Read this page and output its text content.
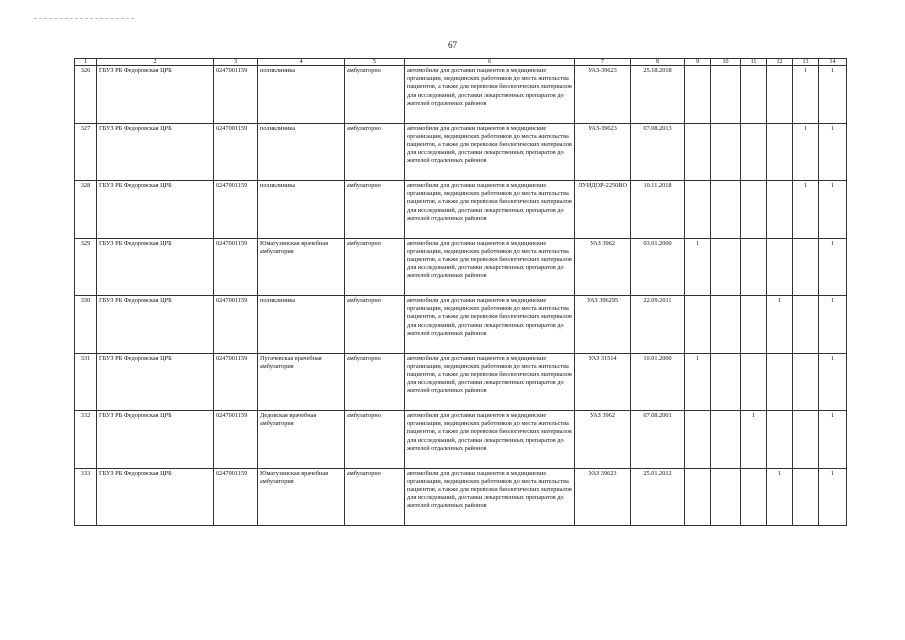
67
1	2	3	4	5	6	7	8	9	10	11	12	13	14
326	ГБУЗ РБ Федоровская ЦРБ	0247001159	поликлиника	амбулаторно	автомобили для доставки пациентов в медицинские организации, медицинских работников до места жительства пациентов, а также для перевозки биологических материалов для исследований, доставки лекарственных препаратов до жителей отдаленных районов	УАЗ-39623	25.18.2018					1	1
327	ГБУЗ РБ Федоровская ЦРБ	0247001159	поликлиника	амбулаторно	автомобили для доставки пациентов в медицинские организации, медицинских работников до места жительства пациентов, а также для перевозки биологических материалов для исследований, доставки лекарственных препаратов до жителей отдаленных районов	УАЗ-39623	07.08.2013					1	1
328	ГБУЗ РБ Федоровская ЦРБ	0247001159	поликлиника	амбулаторно	автомобили для доставки пациентов в медицинские организации, медицинских работников до места жительства пациентов, а также для перевозки биологических материалов для исследований, доставки лекарственных препаратов до жителей отдаленных районов	ЛУИДОР-2250ВО	10.11.2018					1	1
329	ГБУЗ РБ Федоровская ЦРБ	0247001159	Юмагузинская врачебная амбулатория	амбулаторно	автомобили для доставки пациентов в медицинские организации, медицинских работников до места жительства пациентов, а также для перевозки биологических материалов для исследований, доставки лекарственных препаратов до жителей отдаленных районов	УАЗ 3962	03.01.2000	1					1
330	ГБУЗ РБ Федоровская ЦРБ	0247001159	поликлиника	амбулаторно	автомобили для доставки пациентов в медицинские организации, медицинских работников до места жительства пациентов, а также для перевозки биологических материалов для исследований, доставки лекарственных препаратов до жителей отдаленных районов	УАЗ 396295	22.09.2011				1		1
331	ГБУЗ РБ Федоровская ЦРБ	0247001159	Пугачевская врачебная амбулатория	амбулаторно	автомобили для доставки пациентов в медицинские организации, медицинских работников до места жительства пациентов, а также для перевозки биологических материалов для исследований, доставки лекарственных препаратов до жителей отдаленных районов	УАЗ 31514	10.01.2000	1					1
332	ГБУЗ РБ Федоровская ЦРБ	0247001159	Дедовская врачебная амбулатория	амбулаторно	автомобили для доставки пациентов в медицинские организации, медицинских работников до места жительства пациентов, а также для перевозки биологических материалов для исследований, доставки лекарственных препаратов до жителей отдаленных районов	УАЗ 3962	07.08.2001			1			1
333	ГБУЗ РБ Федоровская ЦРБ	0247001159	Юмагузинская врачебная амбулатория	амбулаторно	автомобили для доставки пациентов в медицинские организации, медицинских работников до места жительства пациентов, а также для перевозки биологических материалов для исследований, доставки лекарственных препаратов до жителей отдаленных районов	УАЗ 39623	25.01.2012				1		1
